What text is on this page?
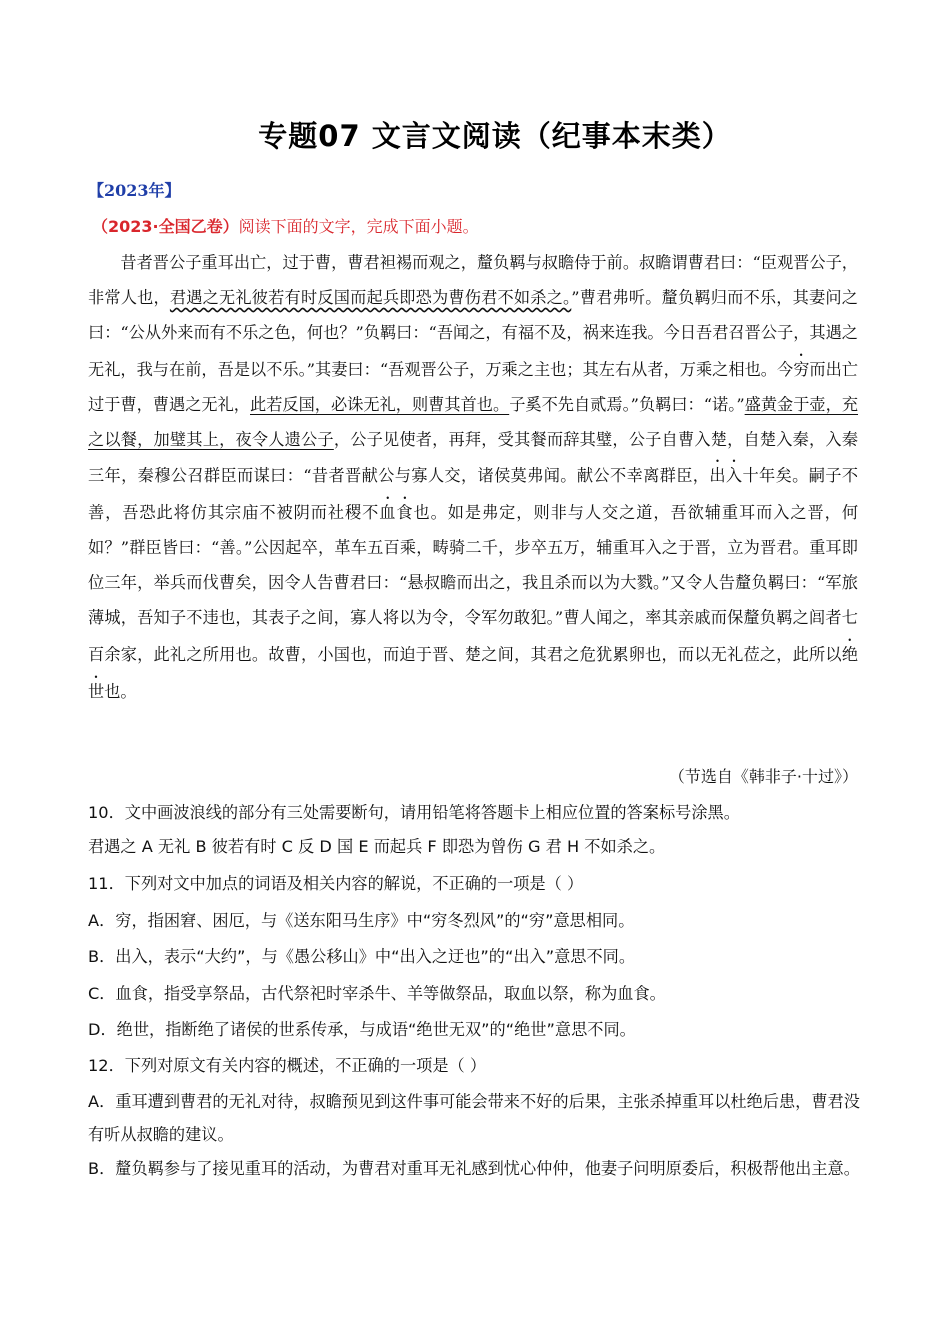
专题07 文言文阅读（纪事本末类）
【2023年】
（2023·全国乙卷）阅读下面的文字，完成下面小题。

昔者晋公子重耳出亡，过于曹，曹君袒裼而观之，釐负羁与叔瞻侍于前。叔瞻谓曹君曰：“臣观晋公子，非常人也，君遇之无礼彼若有时反国而起兵即恐为曹伤君不如杀之。”曹君弗听。釐负羁归而不乐，其妻问之曰：“公从外来而有不乐之色，何也？”负羁曰：“吾闻之，有福不及，祸来连我。今日吾君召晋公子，其遇之无礼，我与在前，吾是以不乐。”其妻曰：“吾观晋公子，万乘之主也；其左右从者，万乘之相也。今穷而出亡过于曹，曹遇之无礼，此若反国，必诛无礼，则曹其首也。子奚不先自贰焉。”负羁曰：“诺。”盛黄金于壶，充之以餐，加璧其上，夜令人遗公子，公子见使者，再拜，受其餐而辞其璧，公子自曹入楚，自楚入秦，入秦三年，秦穆公召群臣而谋曰：“昔者晋献公与寡人交，诸侯莫弗闻。献公不幸离群臣，出入十年矣。嗣子不善，吾恐此将仿其宗庙不被阴而社稷不血食也。如是弗定，则非与人交之道，吾欲辅重耳而入之晋，何如？”群臣皆曰：“善。”公因起卒，革车五百乘，畴骑二千，步卒五万，辅重耳入之于晋，立为晋君。重耳即位三年，举兵而伐曹矣，因令人告曹君曰：“悬叔瞻而出之，我且杀而以为大戮。”又令人告釐负羁曰：“军旅薄城，吾知子不违也，其表子之间，寡人将以为令，令军勿敢犯。”曹人闻之，率其亲戚而保釐负羁之闾者七百余家，此礼之所用也。故曹，小国也，而迫于晋、楚之间，其君之危犹累卵也，而以无礼莅之，此所以绝世也。

（节选自《韩非子·十过》）

10．文中画波浪线的部分有三处需要断句，请用铅笔将答题卡上相应位置的答案标号涂黑。

君遇之 A 无礼 B 彼若有时 C 反 D 国 E 而起兵 F 即恐为曾伤 G 君 H 不如杀之。

11．下列对文中加点的词语及相关内容的解说，不正确的一项是（ ）

A．穷，指困窘、困厄，与《送东阳马生序》中“穷冬烈风”的“穷”意思相同。

B．出入，表示“大约”，与《愚公移山》中“出入之迂也”的“出入”意思不同。

C．血食，指受享祭品，古代祭祀时宰杀牛、羊等做祭品，取血以祭，称为血食。

D．绝世，指断绝了诸侯的世系传承，与成语“绝世无双”的“绝世”意思不同。

12．下列对原文有关内容的概述，不正确的一项是（ ）

A．重耳遭到曹君的无礼对待，叔瞻预见到这件事可能会带来不好的后果，主张杀掉重耳以杜绝后患，曹君没有听从叔瞻的建议。

B．釐负羁参与了接见重耳的活动，为曹君对重耳无礼感到忧心仲仲，他妻子问明原委后，积极帮他出主意。
